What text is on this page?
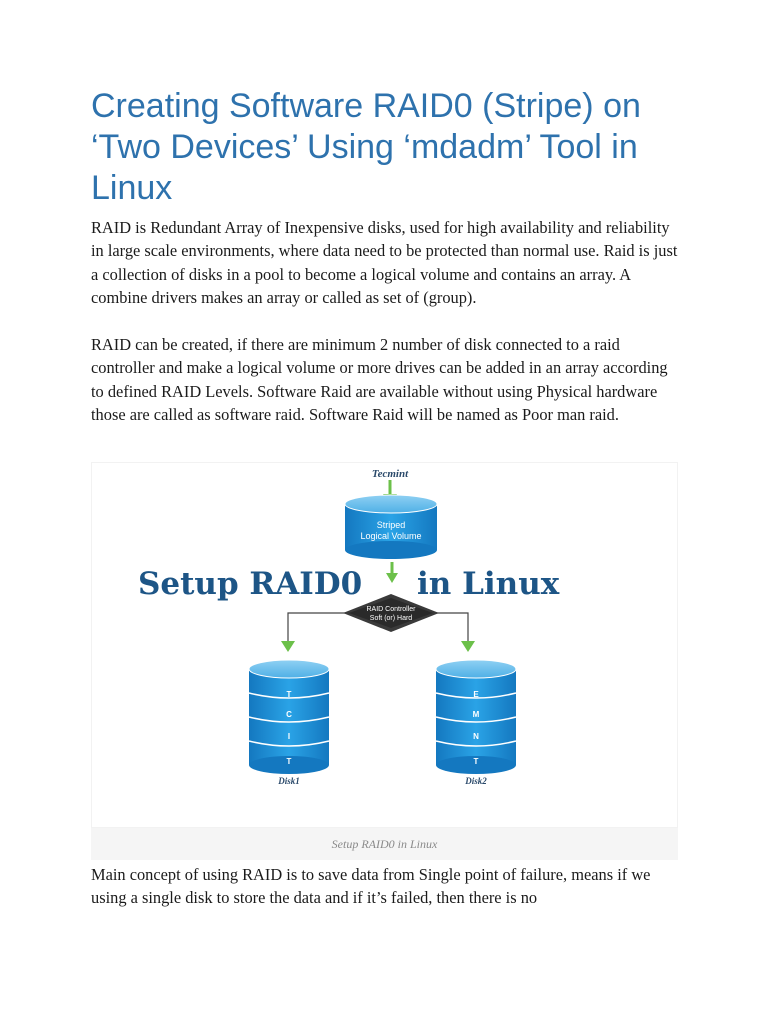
Creating Software RAID0 (Stripe) on ‘Two Devices’ Using ‘mdadm’ Tool in Linux

RAID is Redundant Array of Inexpensive disks, used for high availability and reliability in large scale environments, where data need to be protected than normal use. Raid is just a collection of disks in a pool to become a logical volume and contains an array. A combine drivers makes an array or called as set of (group).

RAID can be created, if there are minimum 2 number of disk connected to a raid controller and make a logical volume or more drives can be added in an array according to defined RAID Levels. Software Raid are available without using Physical hardware those are called as software raid. Software Raid will be named as Poor man raid.

Tecmint
Striped
Logical Volume
Setup RAID0 in Linux
RAID Controller
Soft (or) Hard
T
C
I
T
Disk1
E
M
N
T
Disk2
Setup RAID0 in Linux

Main concept of using RAID is to save data from Single point of failure, means if we using a single disk to store the data and if it’s failed, then there is no
